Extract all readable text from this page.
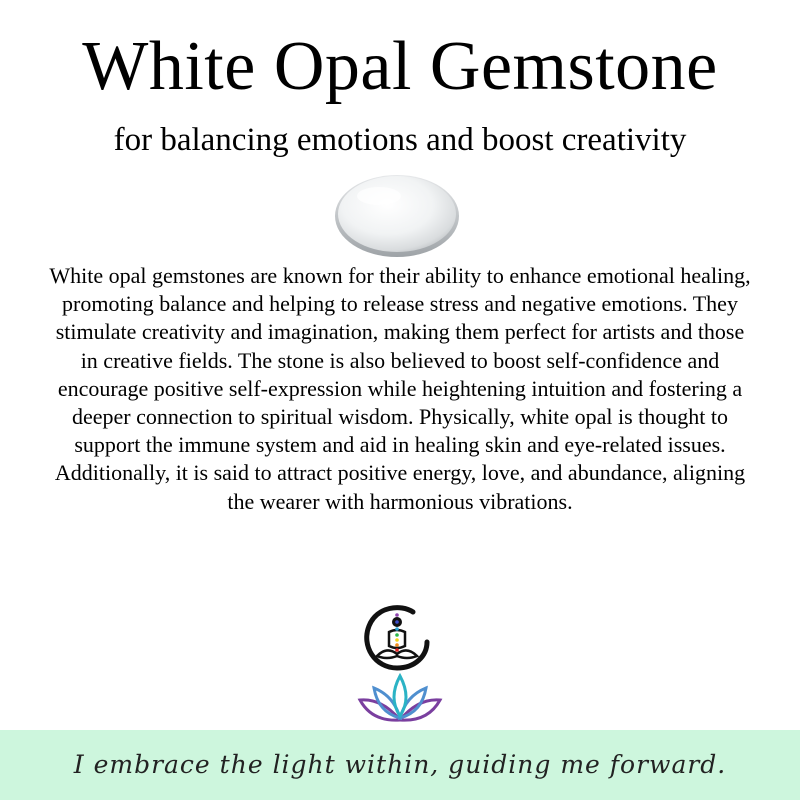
White Opal Gemstone
for balancing emotions and boost creativity
White opal gemstones are known for their ability to enhance emotional healing, promoting balance and helping to release stress and negative emotions. They stimulate creativity and imagination, making them perfect for artists and those in creative fields. The stone is also believed to boost self-confidence and encourage positive self-expression while heightening intuition and fostering a deeper connection to spiritual wisdom. Physically, white opal is thought to support the immune system and aid in healing skin and eye-related issues. Additionally, it is said to attract positive energy, love, and abundance, aligning the wearer with harmonious vibrations.
I embrace the light within, guiding me forward.
